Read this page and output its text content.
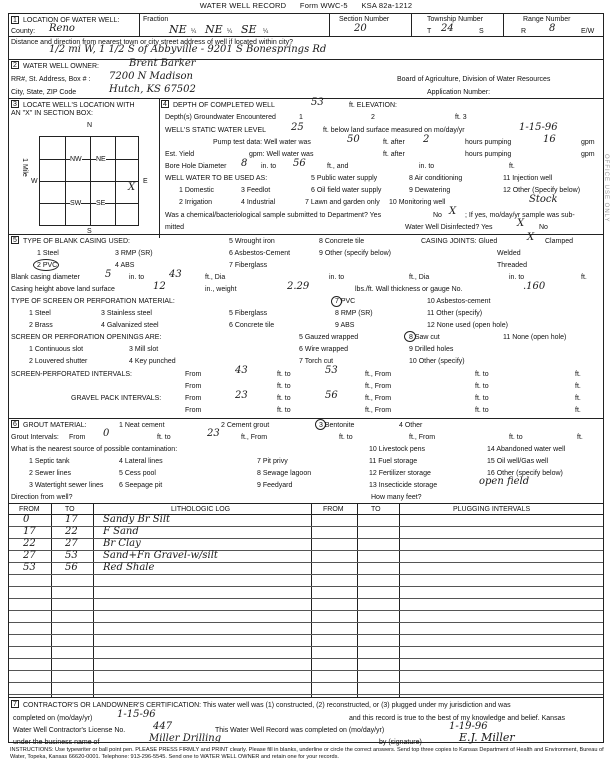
WATER WELL RECORD Form WWC-5 KSA 82a-1212
1 LOCATION OF WATER WELL:
County: Reno
Fraction
NE ¼ NE ¼ SE ¼
Section Number
20
Township Number
T 24	S
Range Number
R 8	E/W
Distance and direction from nearest town or city street address of well if located within city?
1/2 mi W, 1 1/2 S of Abbyville - 9201 S Bonesprings Rd
2 WATER WELL OWNER:	Brent Barker
RR#, St. Address, Box # : 7200 N Madison	Board of Agriculture, Division of Water Resources
City, State, ZIP Code	Hutch, KS 67502	Application Number:
3 LOCATE WELL'S LOCATION WITH
AN "X" IN SECTION BOX:
N
S
W	E
1 Mile	NW NE
SW SE
X
4 DEPTH OF COMPLETED WELL	53	ft. ELEVATION:
Depth(s) Groundwater Encountered	1	2	ft. 3
WELL'S STATIC WATER LEVEL 25	ft. below land surface measured on mo/day/yr	1-15-96
Pump test data: Well water was	50	ft. after 2	hours pumping	16	gpm
Est. Yield	gpm: Well water was	ft. after	hours pumping	gpm
Bore Hole Diameter 8 in. to 56	ft., and	in. to	ft.
WELL WATER TO BE USED AS:
1 Domestic	3 Feedlot
5 Public water supply	8 Air conditioning	11 Injection well
2 Irrigation	4 Industrial	7 Lawn and garden only
6 Oil field water supply	9 Dewatering
10 Monitoring well
12 Other (Specify below)
Stock
Was a chemical/bacteriological sample submitted to Department? Yes	No X ; If yes, mo/day/yr sample was sub-
mitted	Water Well Disinfected? Yes X No
5 TYPE OF BLANK CASING USED:
1 Steel	3 RMP (SR)
5 Wrought iron	8 Concrete tile
2 PVC	4 ABS
6 Asbestos-Cement	9 Other (specify below)
7 Fiberglass
CASING JOINTS: Glued	X Clamped
Welded
Threaded
Blank casing diameter	5	in. to 43	ft., Dia	in. to	ft., Dia	in. to	ft.
Casing height above land surface	12	in., weight	2.29	lbs./ft. Wall thickness or gauge No.	.160
TYPE OF SCREEN OR PERFORATION MATERIAL:
1 Steel	3 Stainless steel	5 Fiberglass
7 PVC	10 Asbestos-cement
2 Brass	4 Galvanized steel	6 Concrete tile
8 RMP (SR)	11 Other (specify)
9 ABS	12 None used (open hole)
SCREEN OR PERFORATION OPENINGS ARE:	5 Gauzed wrapped	8 Saw cut	11 None (open hole)
1 Continuous slot	3 Mill slot	6 Wire wrapped	9 Drilled holes
2 Louvered shutter	4 Key punched	7 Torch cut	10 Other (specify)
SCREEN-PERFORATED INTERVALS:	From	43	ft. to	53	ft., From	ft. to	ft.
From	ft. to	ft., From	ft. to	ft.
GRAVEL PACK INTERVALS:	From	23	ft. to	56	ft., From	ft. to	ft.
From	ft. to	ft., From	ft. to	ft.
6 GROUT MATERIAL:	1 Neat cement	2 Cement grout	3 Bentonite	4 Other
Grout Intervals: From 0	ft. to	23	ft., From	ft. to	ft., From	ft. to	ft.
What is the nearest source of possible contamination:
1 Septic tank	4 Lateral lines	7 Pit privy
10 Livestock pens	14 Abandoned water well
2 Sewer lines	5 Cess pool	8 Sewage lagoon
11 Fuel storage	15 Oil well/Gas well
3 Watertight sewer lines 6 Seepage pit	9 Feedyard
12 Fertilizer storage	16 Other (specify below)
13 Insecticide storage	open field
Direction from well?	How many feet?
FROM	TO	LITHOLOGIC LOG	FROM	TO	PLUGGING INTERVALS
0	17	Sandy Br Silt
17	22	F Sand
22	27	Br Clay
27	53	Sand+Fn Gravel-w/silt
53	56	Red Shale
7 CONTRACTOR'S OR LANDOWNER'S CERTIFICATION: This water well was (1) constructed, (2) reconstructed, or (3) plugged under my jurisdiction and was
completed on (mo/day/yr) 1-15-96	and this record is true to the best of my knowledge and belief. Kansas
Water Well Contractor's License No.	447	This Water Well Record was completed on (mo/day/yr)	1-19-96
under the business name of	Miller Drilling	by (signature)	E.J. Miller
OFFICE USE ONLY
INSTRUCTIONS: Use typewriter or ball point pen. PLEASE PRESS FIRMLY and PRINT clearly. Please fill in blanks, underline or circle the correct answers. Send top three copies to Kansas Department of Health and Environment, Bureau of Water, Topeka, Kansas 66620-0001. Telephone: 913-296-5545. Send one to WATER WELL OWNER and retain one for your records.
